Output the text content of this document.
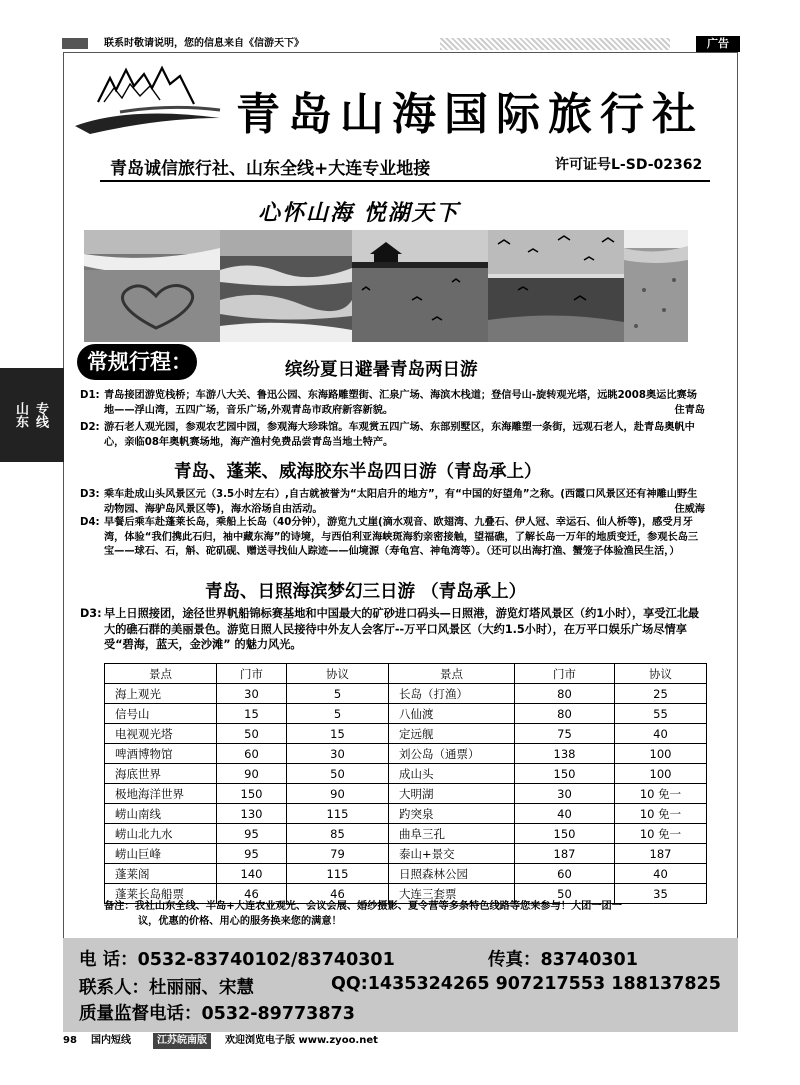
联系时敬请说明，您的信息来自《信游天下》	广告
山东 专线
青岛山海国际旅行社
青岛诚信旅行社、山东全线+大连专业地接	许可证号L-SD-02362
心怀山海 悦湖天下
常规行程：	缤纷夏日避暑青岛两日游
D1: 青岛接团游览栈桥；车游八大关、鲁迅公园、东海路雕塑街、汇泉广场、海滨木栈道；登信号山-旋转观光塔，远眺2008奥运比赛场地——浮山湾，五四广场，音乐广场,外观青岛市政府新容新貌。	住青岛
D2: 游石老人观光园，参观农艺园中园，参观海大珍珠馆。车观赏五四广场、东部别墅区，东海雕塑一条街，远观石老人，赴青岛奥帆中心，亲临08年奥帆赛场地，海产渔村免费品尝青岛当地土特产。
青岛、蓬莱、威海胶东半岛四日游（青岛承上）
D3: 乘车赴成山头风景区元（3.5小时左右）,自古就被誉为“太阳启升的地方”，有“中国的好望角”之称。(西霞口风景区还有神雕山野生动物园、海驴岛风景区等)，海水浴场自由活动。	住威海
D4: 早餐后乘车赴蓬莱长岛，乘船上长岛（40分钟），游览九丈崖(滴水观音、欧翅湾、九叠石、伊人冠、幸运石、仙人桥等)，感受月牙湾，体验“我们携此石归，袖中藏东海”的诗境，与西伯利亚海峡斑海豹亲密接触，望福礁，了解长岛一万年的地质变迁，参观长岛三宝——球石、石，斛、砣矶砚、赠送寻找仙人踪迹——仙境源（寿龟宫、神龟湾等）。（还可以出海打渔、蟹笼子体验渔民生活，）
青岛、日照海滨梦幻三日游 （青岛承上）
D3: 早上日照接团，途径世界帆船锦标赛基地和中国最大的矿砂进口码头—日照港，游览灯塔风景区（约1小时），享受江北最大的礁石群的美丽景色。游览日照人民接待中外友人会客厅--万平口风景区（大约1.5小时），在万平口娱乐广场尽情享受“碧海，蓝天，金沙滩” 的魅力风光。
景点	门市	协议	景点	门市	协议
海上观光	30	5	长岛（打渔）	80	25
信号山	15	5	八仙渡	80	55
电视观光塔	50	15	定远舰	75	40
啤酒博物馆	60	30	刘公岛（通票）	138	100
海底世界	90	50	成山头	150	100
极地海洋世界	150	90	大明湖	30	10 免一
崂山南线	130	115	趵突泉	40	10 免一
崂山北九水	95	85	曲阜三孔	150	10 免一
崂山巨峰	95	79	泰山+景交	187	187
蓬莱阁	140	115	日照森林公园	60	40
蓬莱长岛船票	46	46	大连三套票	50	35
备注：我社山东全线、半岛+大连农业观光、会议会展、婚纱摄影、夏令营等多条特色线路等您来参与！大团一团一
议，优惠的价格、用心的服务换来您的满意！
电 话：0532-83740102/83740301	传真：83740301
联系人：杜丽丽、宋慧	QQ:1435324265 907217553 188137825
质量监督电话：0532-89773873
98 国内短线	江苏皖南版	欢迎浏览电子版 www.zyoo.net
